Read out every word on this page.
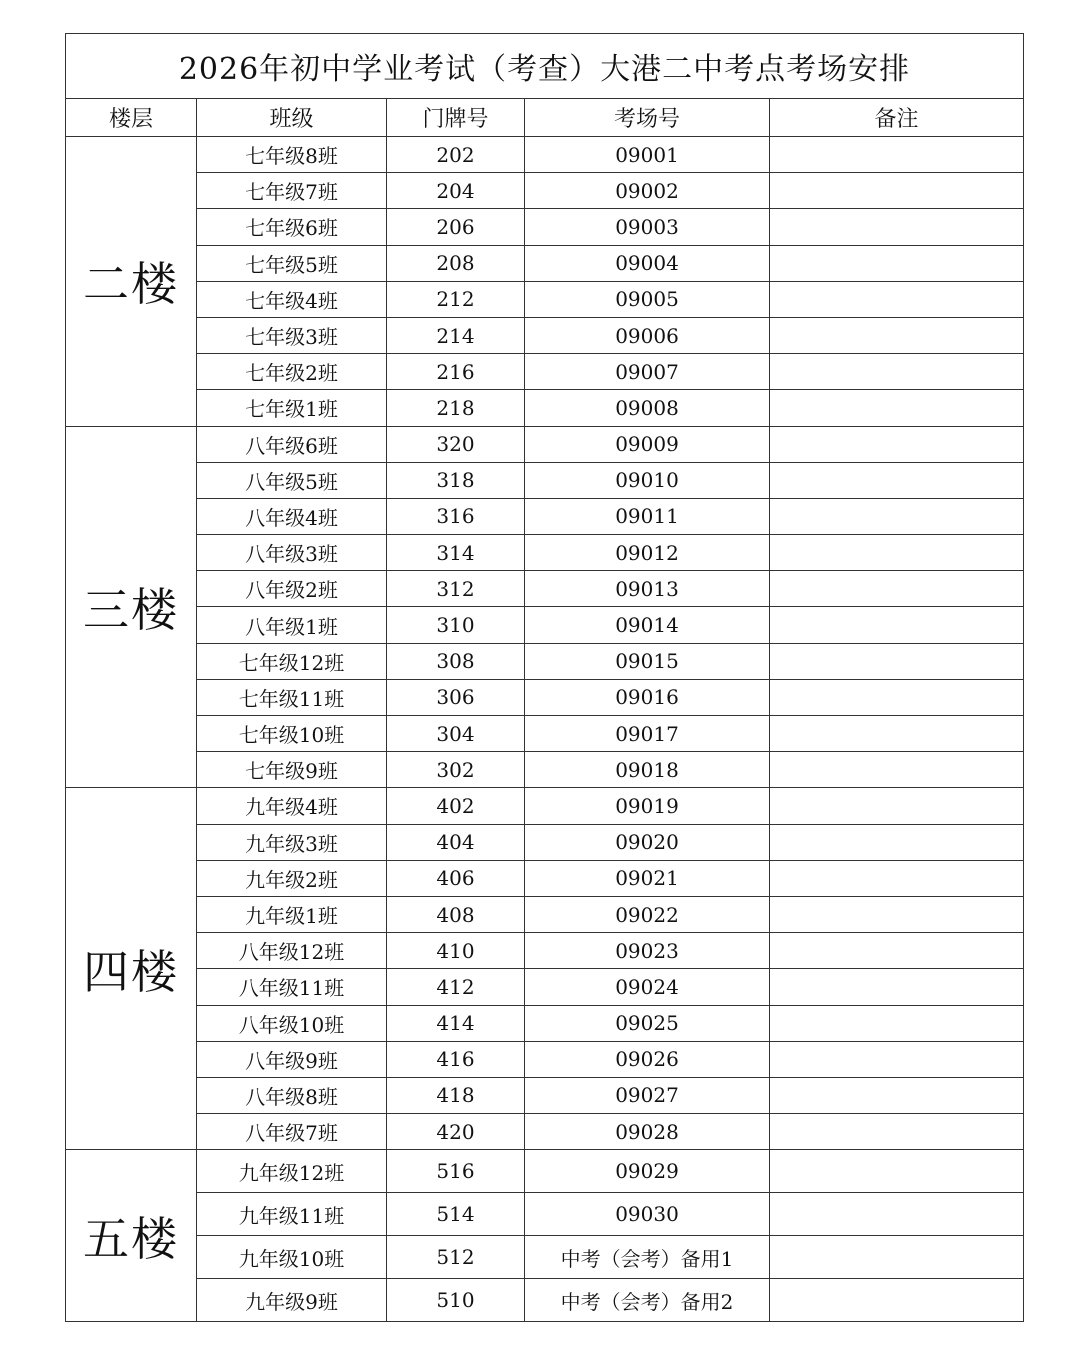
2026年初中学业考试（考查）大港二中考点考场安排				
楼层	班级	门牌号	考场号	备注
二楼	七年级8班	202	09001	
	七年级7班	204	09002	
	七年级6班	206	09003	
	七年级5班	208	09004	
	七年级4班	212	09005	
	七年级3班	214	09006	
	七年级2班	216	09007	
	七年级1班	218	09008	
三楼	八年级6班	320	09009	
	八年级5班	318	09010	
	八年级4班	316	09011	
	八年级3班	314	09012	
	八年级2班	312	09013	
	八年级1班	310	09014	
	七年级12班	308	09015	
	七年级11班	306	09016	
	七年级10班	304	09017	
	七年级9班	302	09018	
四楼	九年级4班	402	09019	
	九年级3班	404	09020	
	九年级2班	406	09021	
	九年级1班	408	09022	
	八年级12班	410	09023	
	八年级11班	412	09024	
	八年级10班	414	09025	
	八年级9班	416	09026	
	八年级8班	418	09027	
	八年级7班	420	09028	
五楼	九年级12班	516	09029	
	九年级11班	514	09030	
	九年级10班	512	中考（会考）备用1	
	九年级9班	510	中考（会考）备用2	
